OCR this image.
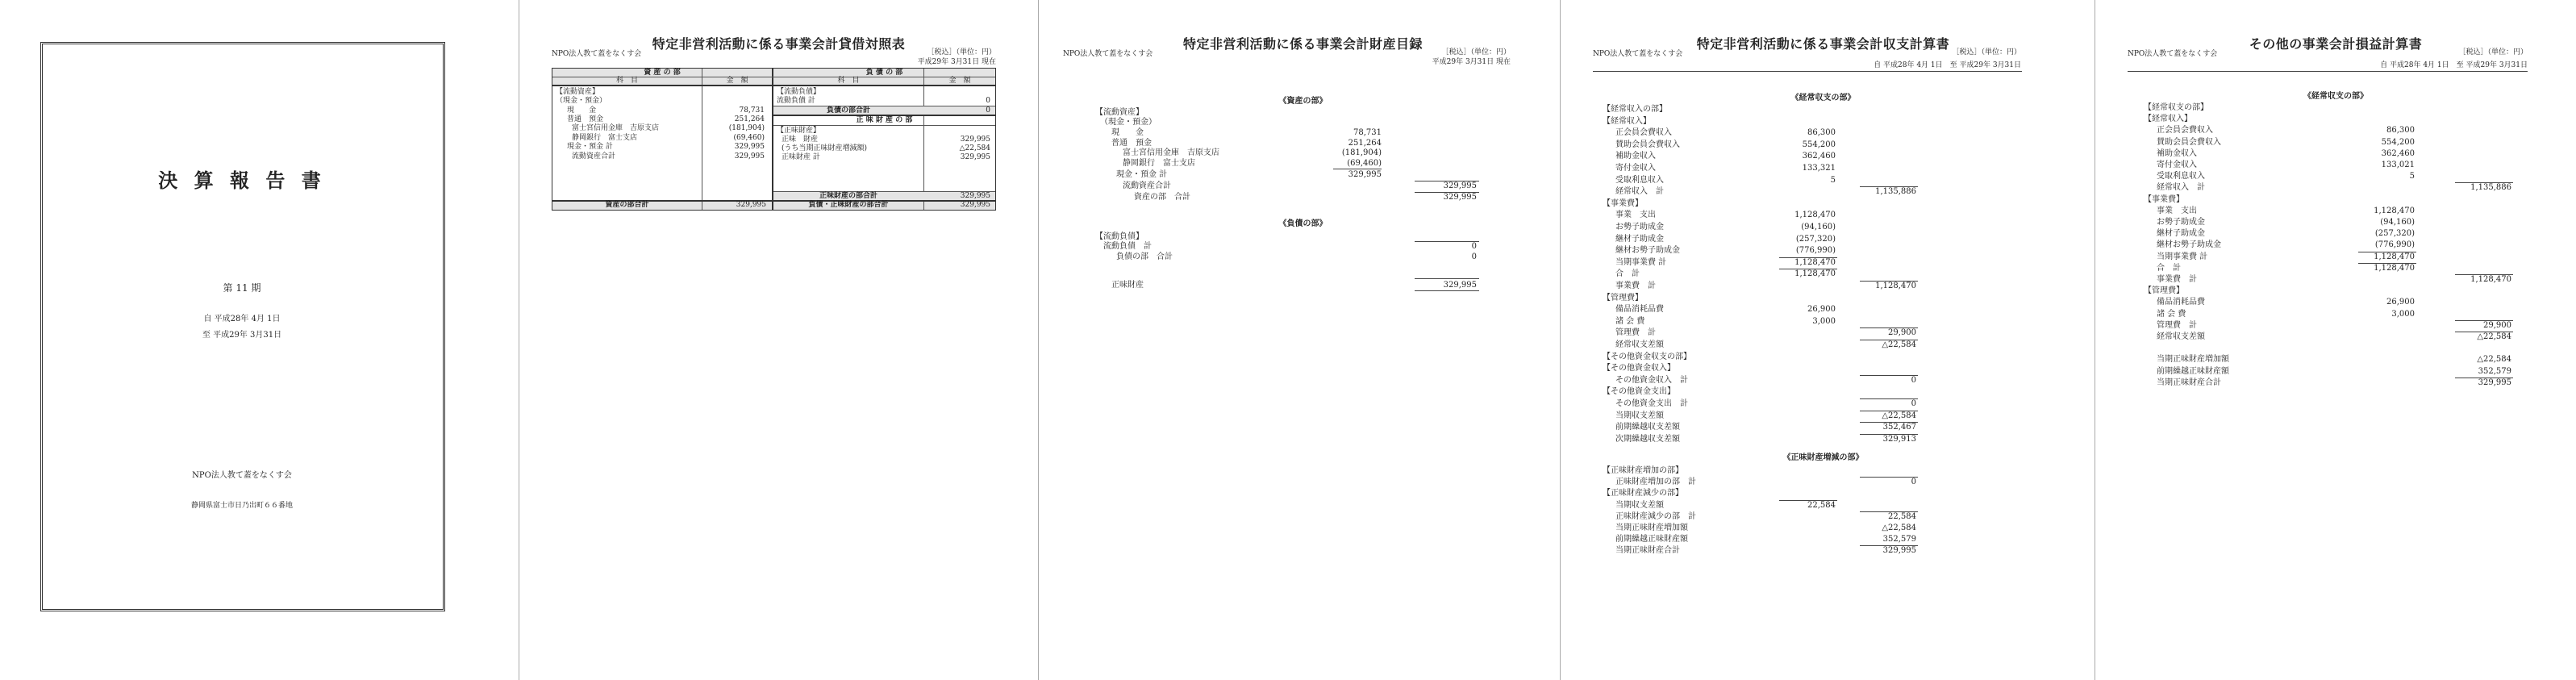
決 算 報 告 書
第 11 期
自 平成28年 4月 1日
至 平成29年 3月31日
NPO法人教て蓋をなくす会
静岡県富士市日乃出町６６番地
特定非営利活動に係る事業会計貸借対照表
NPO法人教て蓋をなくす会	［税込］（単位：円）
平成29年 3月31日 現在
資 産 の 部	負 債 の 部
科　目	金　額	科　目	金　額
【流動資産】
（現金・預金）
現　　金	78,731
普通　預金	251,264
富士宮信用金庫　吉原支店	(181,904)
静岡銀行　富士支店	(69,460)
現金・預金 計	329,995
流動資産合計	329,995
【流動負債】
流動負債 計	0
負債の部合計	0
正 味 財 産 の 部
【正味財産】
正味　財産	329,995
(うち当期正味財産増減額)	△22,584
正味財産 計	329,995
正味財産の部合計	329,995
資産の部合計	329,995	負債・正味財産の部合計	329,995
特定非営利活動に係る事業会計財産目録
NPO法人教て蓋をなくす会	［税込］（単位：円）
平成29年 3月31日 現在
《資産の部》
【流動資産】
（現金・預金）
現　　金	78,731
普通　預金	251,264
富士宮信用金庫　吉原支店	(181,904)
静岡銀行　富士支店	(69,460)
現金・預金 計	329,995
流動資産合計	329,995
資産の部　合計	329,995
《負債の部》
【流動負債】
流動負債　計	0
負債の部　合計	0
正味財産	329,995
特定非営利活動に係る事業会計収支計算書
NPO法人教て蓋をなくす会	［税込］（単位：円）
自 平成28年 4月 1日　至 平成29年 3月31日
《経常収支の部》
【経常収入の部】
【経常収入】
正会員会費収入	86,300
賛助会員会費収入	554,200
補助金収入	362,460
寄付金収入	133,321
受取利息収入	5
経常収入　計	1,135,886
【事業費】
事業　支出	1,128,470
お勢子助成金	(94,160)
継材子助成金	(257,320)
継材お勢子助成金	(776,990)
当期事業費 計	1,128,470
合　計	1,128,470
事業費　計	1,128,470
【管理費】
備品消耗品費	26,900
諸 会 費	3,000
管理費　計	29,900
経常収支差額	△22,584
【その他資金収支の部】
【その他資金収入】
その他資金収入　計	0
【その他資金支出】
その他資金支出　計	0
当期収支差額	△22,584
前期繰越収支差額	352,467
次期繰越収支差額	329,913
《正味財産増減の部》
【正味財産増加の部】
正味財産増加の部　計	0
【正味財産減少の部】
当期収支差額	22,584
正味財産減少の部　計	22,584
当期正味財産増加額	△22,584
前期繰越正味財産額	352,579
当期正味財産合計	329,995
その他の事業会計損益計算書
NPO法人教て蓋をなくす会	［税込］（単位：円）
自 平成28年 4月 1日　至 平成29年 3月31日
《経常収支の部》
【経常収支の部】
【経常収入】
正会員会費収入	86,300
賛助会員会費収入	554,200
補助金収入	362,460
寄付金収入	133,021
受取利息収入	5
経常収入　計	1,135,886
【事業費】
事業　支出	1,128,470
お勢子助成金	(94,160)
継材子助成金	(257,320)
継材お勢子助成金	(776,990)
当期事業費 計	1,128,470
合　計	1,128,470
事業費　計	1,128,470
【管理費】
備品消耗品費	26,900
諸 会 費	3,000
管理費　計	29,900
経常収支差額	△22,584
当期正味財産増加額	△22,584
前期繰越正味財産額	352,579
当期正味財産合計	329,995
